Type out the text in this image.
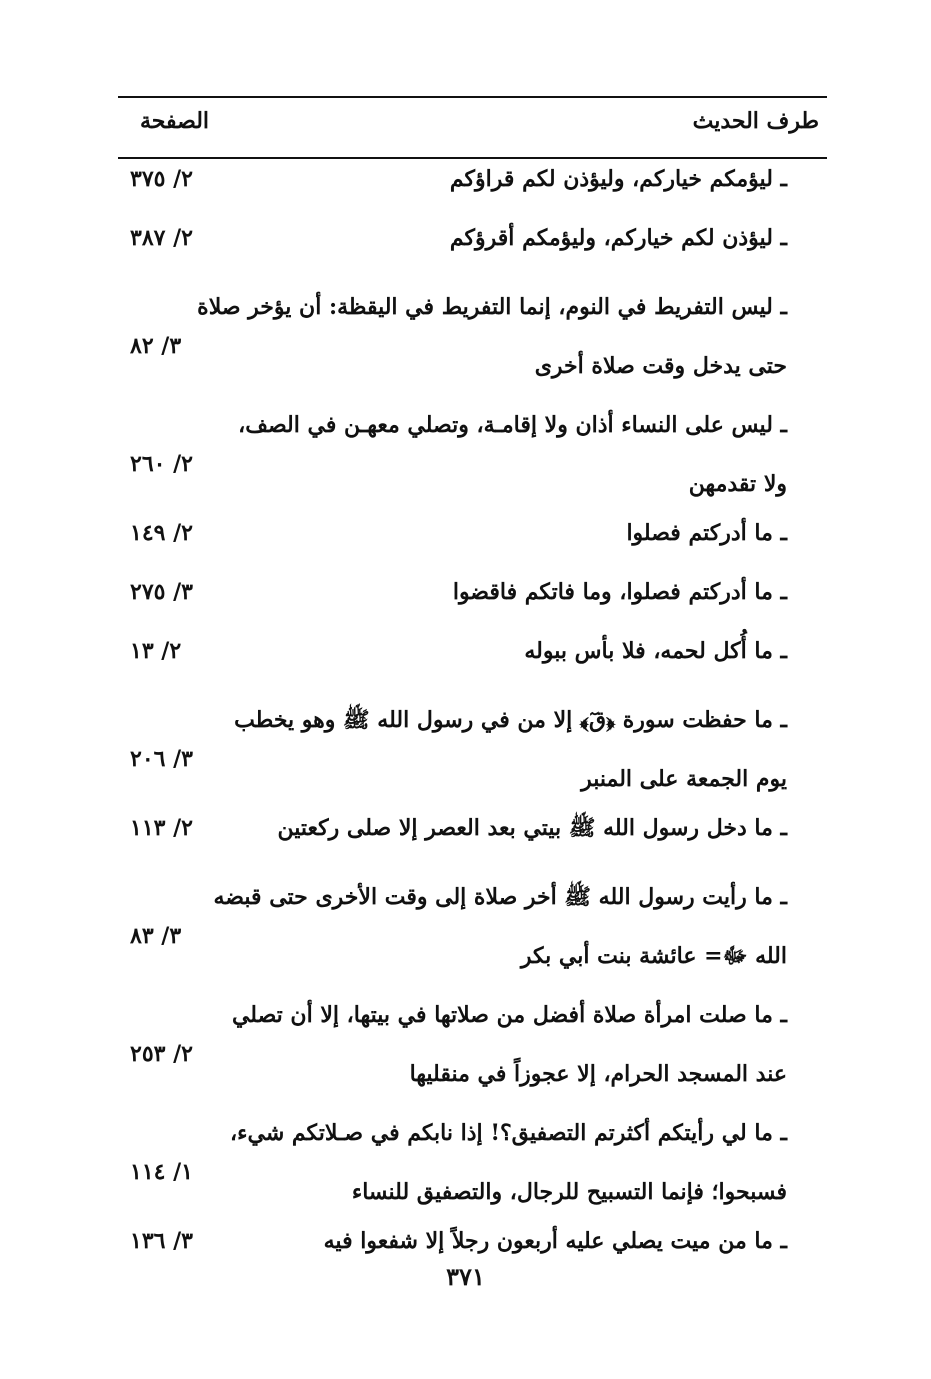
طرف الحديث
الصفحة
ـ ليؤمكم خياركم، وليؤذن لكم قراؤكم
٢/ ٣٧٥
ـ ليؤذن لكم خياركم، وليؤمكم أقرؤكم
٢/ ٣٨٧
ـ ليس التفريط في النوم، إنما التفريط في اليقظة: أن يؤخر صلاة
حتى يدخل وقت صلاة أخرى
٣/ ٨٢
ـ ليس على النساء أذان ولا إقامـة، وتصلي معهـن في الصف،
ولا تقدمهن
٢/ ٢٦٠
ـ ما أدركتم فصلوا
٢/ ١٤٩
ـ ما أدركتم فصلوا، وما فاتكم فاقضوا
٣/ ٢٧٥
ـ ما أُكل لحمه، فلا بأس ببوله
٢/ ١٣
ـ ما حفظت سورة ﴿قٓ﴾ إلا من في رسول الله ﷺ وهو يخطب
يوم الجمعة على المنبر
٣/ ٢٠٦
ـ ما دخل رسول الله ﷺ بيتي بعد العصر إلا صلى ركعتين
٢/ ١١٣
ـ ما رأيت رسول الله ﷺ أخر صلاة إلى وقت الأخرى حتى قبضه
الله ﷻ= عائشة بنت أبي بكر
٣/ ٨٣
ـ ما صلت امرأة صلاة أفضل من صلاتها في بيتها، إلا أن تصلي
عند المسجد الحرام، إلا عجوزاً في منقليها
٢/ ٢٥٣
ـ ما لي رأيتكم أكثرتم التصفيق؟! إذا نابكم في صـلاتكم شيء،
فسبحوا؛ فإنما التسبيح للرجال، والتصفيق للنساء
١/ ١١٤
ـ ما من ميت يصلي عليه أربعون رجلاً إلا شفعوا فيه
٣/ ١٣٦
٣٧١
